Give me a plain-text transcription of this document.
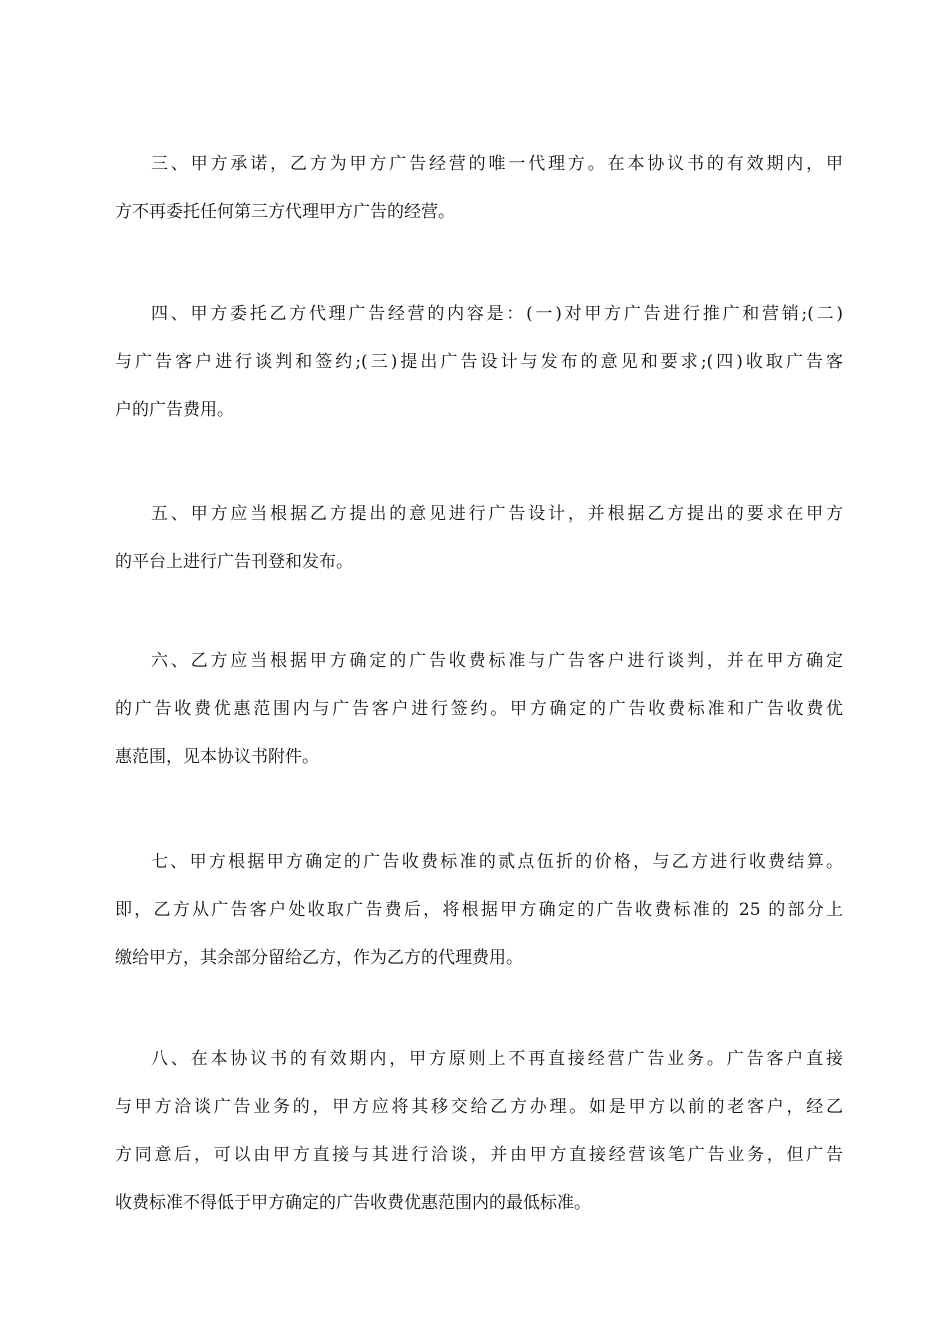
三、甲方承诺，乙方为甲方广告经营的唯一代理方。在本协议书的有效期内，甲
方不再委托任何第三方代理甲方广告的经营。
四、甲方委托乙方代理广告经营的内容是：(一)对甲方广告进行推广和营销;(二)
与广告客户进行谈判和签约;(三)提出广告设计与发布的意见和要求;(四)收取广告客
户的广告费用。
五、甲方应当根据乙方提出的意见进行广告设计，并根据乙方提出的要求在甲方
的平台上进行广告刊登和发布。
六、乙方应当根据甲方确定的广告收费标准与广告客户进行谈判，并在甲方确定
的广告收费优惠范围内与广告客户进行签约。甲方确定的广告收费标准和广告收费优
惠范围，见本协议书附件。
七、甲方根据甲方确定的广告收费标准的贰点伍折的价格，与乙方进行收费结算。
即，乙方从广告客户处收取广告费后，将根据甲方确定的广告收费标准的 25 的部分上
缴给甲方，其余部分留给乙方，作为乙方的代理费用。
八、在本协议书的有效期内，甲方原则上不再直接经营广告业务。广告客户直接
与甲方洽谈广告业务的，甲方应将其移交给乙方办理。如是甲方以前的老客户，经乙
方同意后，可以由甲方直接与其进行洽谈，并由甲方直接经营该笔广告业务，但广告
收费标准不得低于甲方确定的广告收费优惠范围内的最低标准。
